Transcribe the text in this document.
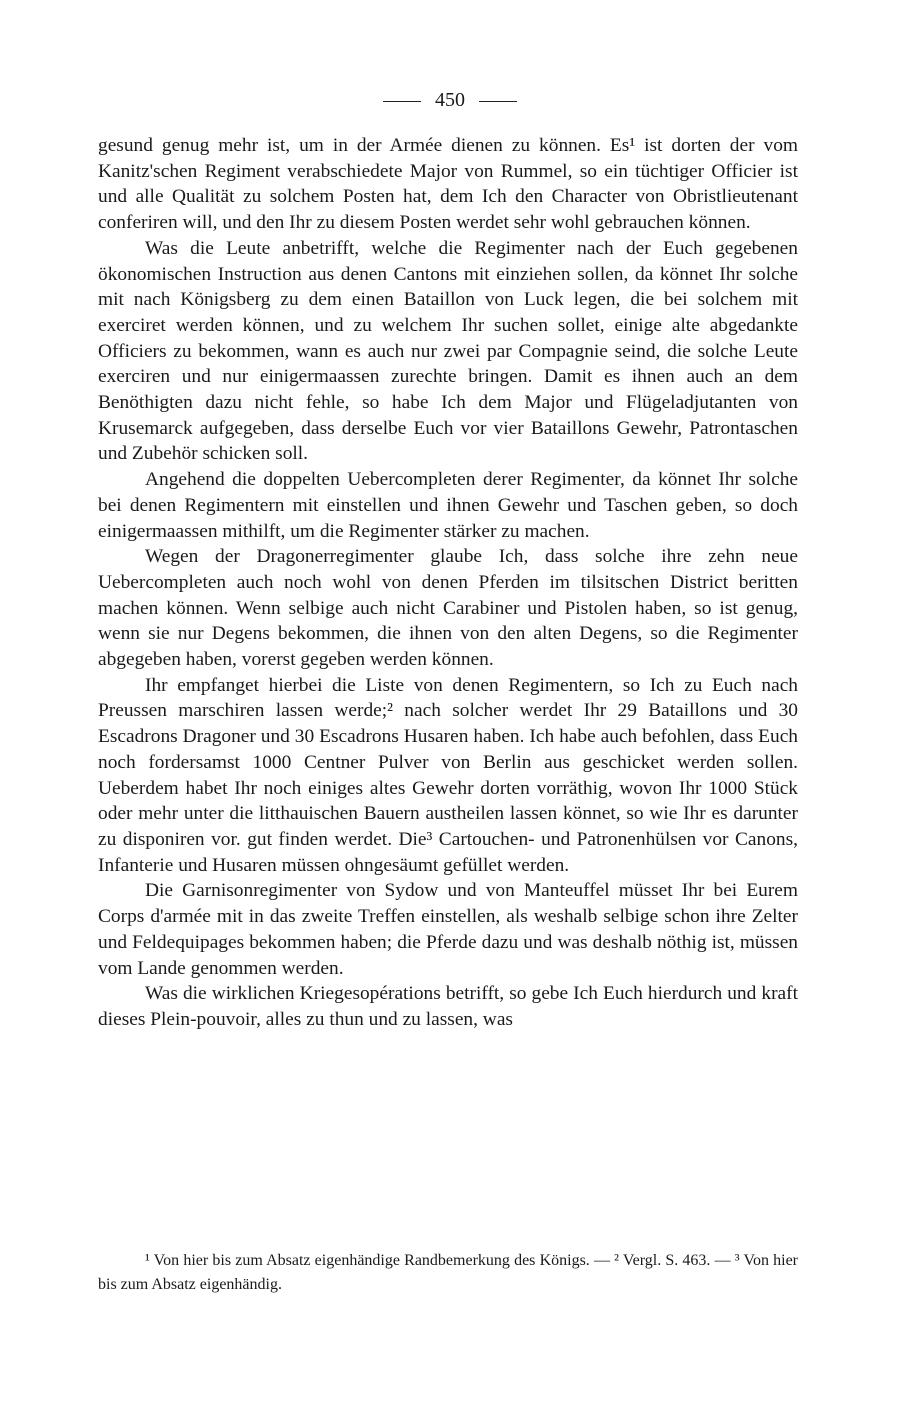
450

gesund genug mehr ist, um in der Armée dienen zu können. Es¹ ist dorten der vom Kanitz'schen Regiment verabschiedete Major von Rummel, so ein tüchtiger Officier ist und alle Qualität zu solchem Posten hat, dem Ich den Character von Obristlieutenant conferiren will, und den Ihr zu diesem Posten werdet sehr wohl gebrauchen können.

Was die Leute anbetrifft, welche die Regimenter nach der Euch gegebenen ökonomischen Instruction aus denen Cantons mit einziehen sollen, da könnet Ihr solche mit nach Königsberg zu dem einen Bataillon von Luck legen, die bei solchem mit exerciret werden können, und zu welchem Ihr suchen sollet, einige alte abgedankte Officiers zu bekommen, wann es auch nur zwei par Compagnie seind, die solche Leute exerciren und nur einigermaassen zurechte bringen. Damit es ihnen auch an dem Benöthigten dazu nicht fehle, so habe Ich dem Major und Flügeladjutanten von Krusemarck aufgegeben, dass derselbe Euch vor vier Bataillons Gewehr, Patrontaschen und Zubehör schicken soll.

Angehend die doppelten Uebercompleten derer Regimenter, da könnet Ihr solche bei denen Regimentern mit einstellen und ihnen Gewehr und Taschen geben, so doch einigermaassen mithilft, um die Regimenter stärker zu machen.

Wegen der Dragonerregimenter glaube Ich, dass solche ihre zehn neue Uebercompleten auch noch wohl von denen Pferden im tilsitschen District beritten machen können. Wenn selbige auch nicht Carabiner und Pistolen haben, so ist genug, wenn sie nur Degens bekommen, die ihnen von den alten Degens, so die Regimenter abgegeben haben, vorerst gegeben werden können.

Ihr empfanget hierbei die Liste von denen Regimentern, so Ich zu Euch nach Preussen marschiren lassen werde;² nach solcher werdet Ihr 29 Bataillons und 30 Escadrons Dragoner und 30 Escadrons Husaren haben. Ich habe auch befohlen, dass Euch noch fordersamst 1000 Centner Pulver von Berlin aus geschicket werden sollen. Ueberdem habet Ihr noch einiges altes Gewehr dorten vorräthig, wovon Ihr 1000 Stück oder mehr unter die litthauischen Bauern austheilen lassen könnet, so wie Ihr es darunter zu disponiren vor. gut finden werdet. Die³ Cartouchen- und Patronenhülsen vor Canons, Infanterie und Husaren müssen ohngesäumt gefüllet werden.

Die Garnisonregimenter von Sydow und von Manteuffel müsset Ihr bei Eurem Corps d'armée mit in das zweite Treffen einstellen, als weshalb selbige schon ihre Zelter und Feldequipages bekommen haben; die Pferde dazu und was deshalb nöthig ist, müssen vom Lande genommen werden.

Was die wirklichen Kriegesopérations betrifft, so gebe Ich Euch hierdurch und kraft dieses Plein-pouvoir, alles zu thun und zu lassen, was

¹ Von hier bis zum Absatz eigenhändige Randbemerkung des Königs. — ² Vergl. S. 463. — ³ Von hier bis zum Absatz eigenhändig.
